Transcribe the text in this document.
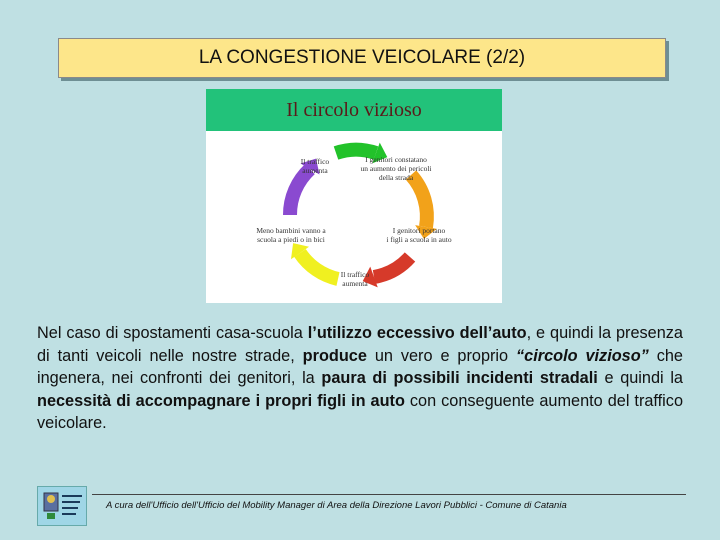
LA CONGESTIONE VEICOLARE (2/2)
Il circolo vizioso
I genitori constatano
un aumento dei pericoli
della strada
I genitori portano
i figli a scuola in auto
Il traffico
aumenta
Meno bambini vanno a
scuola a piedi o in bici
Il traffico
aumenta
Nel caso di spostamenti casa-scuola l’utilizzo eccessivo dell’auto, e quindi la presenza di tanti veicoli nelle nostre strade, produce un vero e proprio “circolo vizioso” che ingenera, nei confronti dei genitori, la paura di possibili incidenti stradali e quindi la necessità di accompagnare i propri figli in auto con conseguente aumento del traffico veicolare.
A cura dell'Ufficio dell'Ufficio del Mobility Manager di Area della Direzione Lavori Pubblici - Comune di Catania
